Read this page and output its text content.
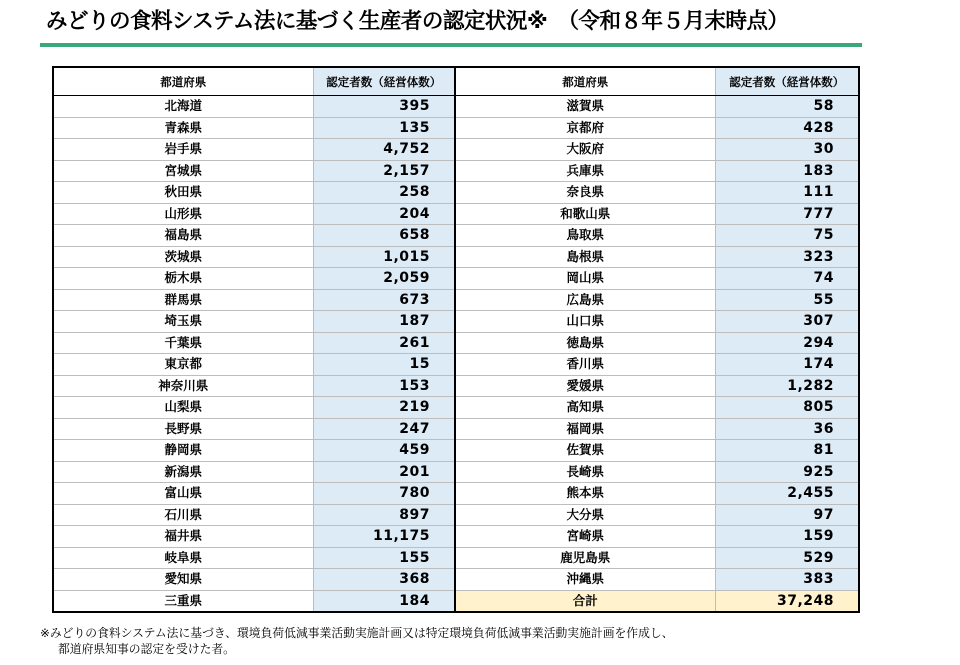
みどりの食料システム法に基づく生産者の認定状況※　（令和８年５月末時点）
都道府県	認定者数（経営体数）	都道府県	認定者数（経営体数）
北海道	395	滋賀県	58
青森県	135	京都府	428
岩手県	4,752	大阪府	30
宮城県	2,157	兵庫県	183
秋田県	258	奈良県	111
山形県	204	和歌山県	777
福島県	658	鳥取県	75
茨城県	1,015	島根県	323
栃木県	2,059	岡山県	74
群馬県	673	広島県	55
埼玉県	187	山口県	307
千葉県	261	徳島県	294
東京都	15	香川県	174
神奈川県	153	愛媛県	1,282
山梨県	219	高知県	805
長野県	247	福岡県	36
静岡県	459	佐賀県	81
新潟県	201	長崎県	925
富山県	780	熊本県	2,455
石川県	897	大分県	97
福井県	11,175	宮崎県	159
岐阜県	155	鹿児島県	529
愛知県	368	沖縄県	383
三重県	184	合計	37,248
※みどりの食料システム法に基づき、環境負荷低減事業活動実施計画又は特定環境負荷低減事業活動実施計画を作成し、
都道府県知事の認定を受けた者。
